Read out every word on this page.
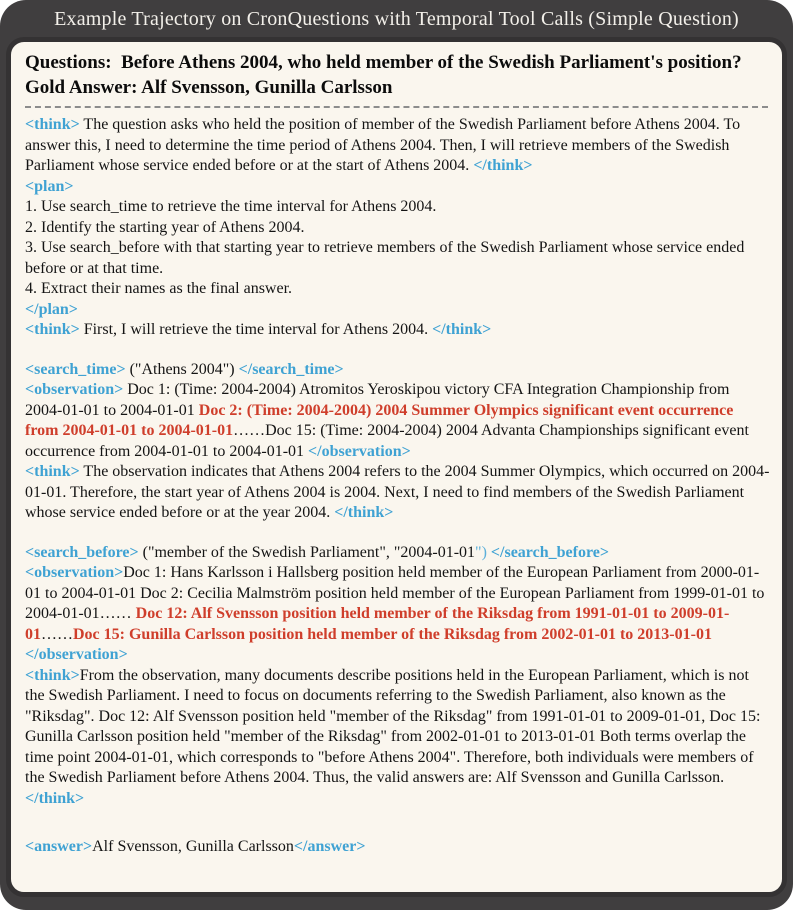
Example Trajectory on CronQuestions with Temporal Tool Calls (Simple Question)
Questions:  Before Athens 2004, who held member of the Swedish Parliament's position? Gold Answer: Alf Svensson, Gunilla Carlsson
<think> The question asks who held the position of member of the Swedish Parliament before Athens 2004. To answer this, I need to determine the time period of Athens 2004. Then, I will retrieve members of the Swedish Parliament whose service ended before or at the start of Athens 2004. </think>
<plan>
1. Use search_time to retrieve the time interval for Athens 2004.
2. Identify the starting year of Athens 2004.
3. Use search_before with that starting year to retrieve members of the Swedish Parliament whose service ended before or at that time.
4. Extract their names as the final answer.
</plan>
<think> First, I will retrieve the time interval for Athens 2004. </think>
<search_time> ("Athens 2004") </search_time>
<observation> Doc 1: (Time: 2004-2004) Atromitos Yeroskipou victory CFA Integration Championship from 2004-01-01 to 2004-01-01 Doc 2: (Time: 2004-2004) 2004 Summer Olympics significant event occurrence from 2004-01-01 to 2004-01-01……Doc 15: (Time: 2004-2004) 2004 Advanta Championships significant event occurrence from 2004-01-01 to 2004-01-01 </observation>
<think> The observation indicates that Athens 2004 refers to the 2004 Summer Olympics, which occurred on 2004-01-01. Therefore, the start year of Athens 2004 is 2004. Next, I need to find members of the Swedish Parliament whose service ended before or at the year 2004. </think>
<search_before> ("member of the Swedish Parliament", "2004-01-01") </search_before>
<observation>Doc 1: Hans Karlsson i Hallsberg position held member of the European Parliament from 2000-01-01 to 2004-01-01 Doc 2: Cecilia Malmström position held member of the European Parliament from 1999-01-01 to 2004-01-01…… Doc 12: Alf Svensson position held member of the Riksdag from 1991-01-01 to 2009-01-01……Doc 15: Gunilla Carlsson position held member of the Riksdag from 2002-01-01 to 2013-01-01 </observation>
<think>From the observation, many documents describe positions held in the European Parliament, which is not the Swedish Parliament. I need to focus on documents referring to the Swedish Parliament, also known as the "Riksdag". Doc 12: Alf Svensson position held "member of the Riksdag" from 1991-01-01 to 2009-01-01, Doc 15: Gunilla Carlsson position held "member of the Riksdag" from 2002-01-01 to 2013-01-01 Both terms overlap the time point 2004-01-01, which corresponds to "before Athens 2004". Therefore, both individuals were members of the Swedish Parliament before Athens 2004. Thus, the valid answers are: Alf Svensson and Gunilla Carlsson. </think>
<answer>Alf Svensson, Gunilla Carlsson</answer>
